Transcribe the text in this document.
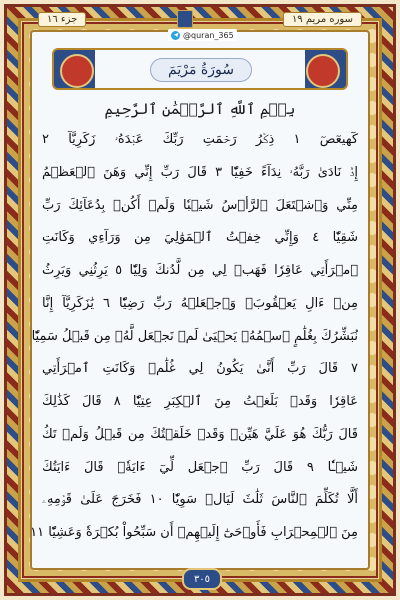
جزء ١٦	سوره مريم ١٩
@quran_365
سُورَةُ مَرْيَمَ
بِسۡمِ ٱللَّهِ ٱلرَّحۡمَٰنِ ٱلرَّحِيمِ
كٓهيعٓصٓ ١ ذِكۡرُ رَحۡمَتِ رَبِّكَ عَبۡدَهُۥ زَكَرِيَّآ ٢
إِذۡ نَادَىٰ رَبَّهُۥ نِدَآءً خَفِيّٗا ٣ قَالَ رَبِّ إِنِّي وَهَنَ ٱلۡعَظۡمُ
مِنِّي وَٱشۡتَعَلَ ٱلرَّأۡسُ شَيۡبٗا وَلَمۡ أَكُنۢ بِدُعَآئِكَ رَبِّ
شَقِيّٗا ٤ وَإِنِّي خِفۡتُ ٱلۡمَوَٰلِيَ مِن وَرَآءِي وَكَانَتِ
ٱمۡرَأَتِي عَاقِرٗا فَهَبۡ لِي مِن لَّدُنكَ وَلِيّٗا ٥ يَرِثُنِي وَيَرِثُ
مِنۡ ءَالِ يَعۡقُوبَۖ وَٱجۡعَلۡهُ رَبِّ رَضِيّٗا ٦ يَٰزَكَرِيَّآ إِنَّا
نُبَشِّرُكَ بِغُلَٰمٍ ٱسۡمُهُۥ يَحۡيَىٰ لَمۡ نَجۡعَل لَّهُۥ مِن قَبۡلُ سَمِيّٗا
٧ قَالَ رَبِّ أَنَّىٰ يَكُونُ لِي غُلَٰمٞ وَكَانَتِ ٱمۡرَأَتِي
عَاقِرٗا وَقَدۡ بَلَغۡتُ مِنَ ٱلۡكِبَرِ عِتِيّٗا ٨ قَالَ كَذَٰلِكَ
قَالَ رَبُّكَ هُوَ عَلَيَّ هَيِّنٞ وَقَدۡ خَلَقۡتُكَ مِن قَبۡلُ وَلَمۡ تَكُ
شَيۡـٔٗا ٩ قَالَ رَبِّ ٱجۡعَل لِّيٓ ءَايَةٗۖ قَالَ ءَايَتُكَ
أَلَّا تُكَلِّمَ ٱلنَّاسَ ثَلَٰثَ لَيَالٖ سَوِيّٗا ١٠ فَخَرَجَ عَلَىٰ قَوۡمِهِۦ
مِنَ ٱلۡمِحۡرَابِ فَأَوۡحَىٰٓ إِلَيۡهِمۡ أَن سَبِّحُواْ بُكۡرَةٗ وَعَشِيّٗا ١١
٣٠٥
